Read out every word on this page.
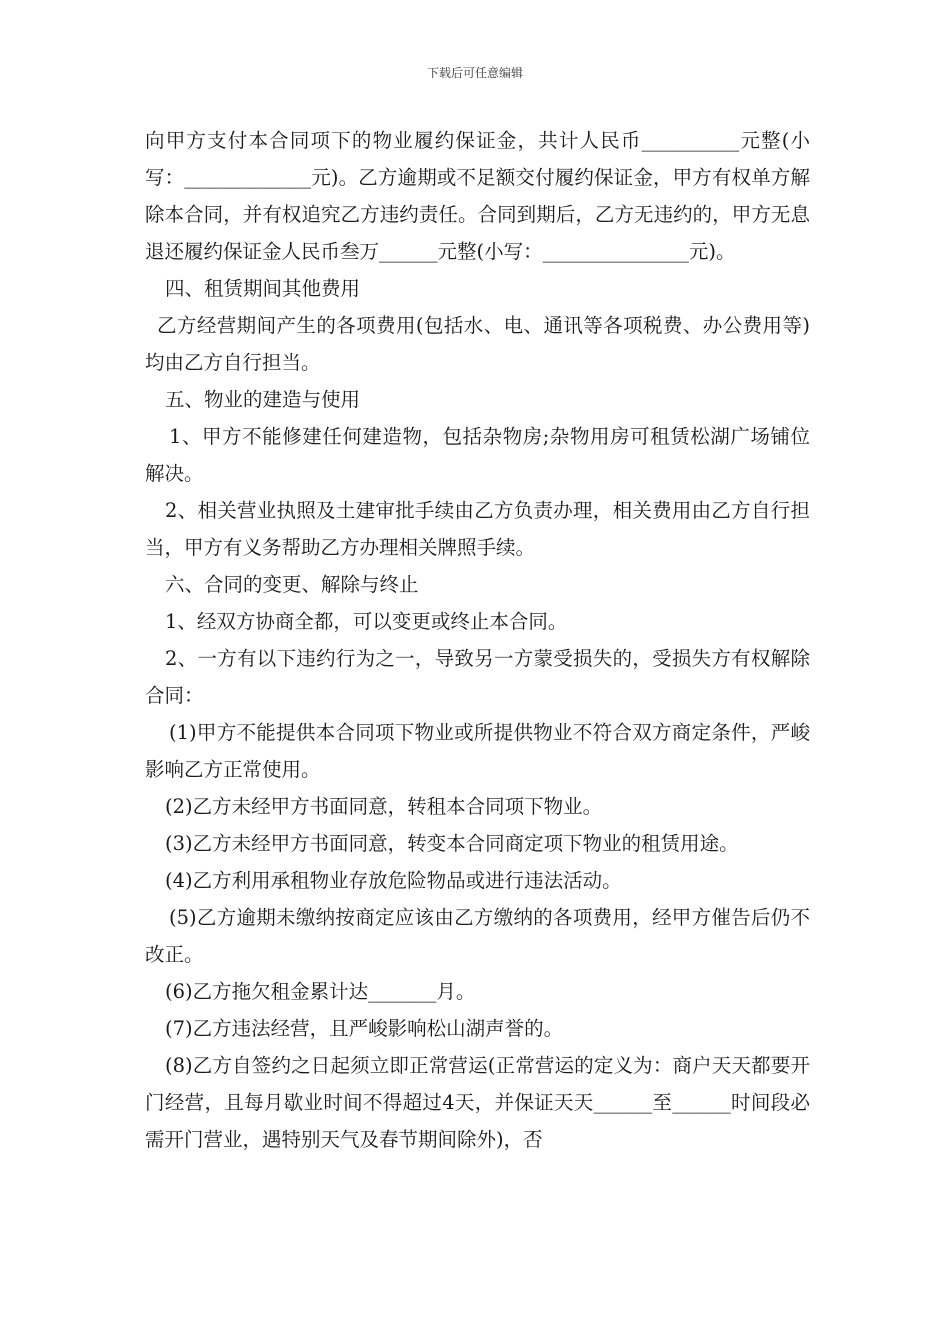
下载后可任意编辑

向甲方支付本合同项下的物业履约保证金，共计人民币__________元整(小写：_____________元)。乙方逾期或不足额交付履约保证金，甲方有权单方解除本合同，并有权追究乙方违约责任。合同到期后，乙方无违约的，甲方无息退还履约保证金人民币叁万______元整(小写：_______________元)。

四、租赁期间其他费用

乙方经营期间产生的各项费用(包括水、电、通讯等各项税费、办公费用等)均由乙方自行担当。

五、物业的建造与使用

1、甲方不能修建任何建造物，包括杂物房;杂物用房可租赁松湖广场铺位解决。

2、相关营业执照及土建审批手续由乙方负责办理，相关费用由乙方自行担当，甲方有义务帮助乙方办理相关牌照手续。

六、合同的变更、解除与终止

1、经双方协商全都，可以变更或终止本合同。

2、一方有以下违约行为之一，导致另一方蒙受损失的，受损失方有权解除合同：

(1)甲方不能提供本合同项下物业或所提供物业不符合双方商定条件，严峻影响乙方正常使用。

(2)乙方未经甲方书面同意，转租本合同项下物业。

(3)乙方未经甲方书面同意，转变本合同商定项下物业的租赁用途。

(4)乙方利用承租物业存放危险物品或进行违法活动。

(5)乙方逾期未缴纳按商定应该由乙方缴纳的各项费用，经甲方催告后仍不改正。

(6)乙方拖欠租金累计达_______月。

(7)乙方违法经营，且严峻影响松山湖声誉的。

(8)乙方自签约之日起须立即正常营运(正常营运的定义为：商户天天都要开门经营，且每月歇业时间不得超过4天，并保证天天______至______时间段必需开门营业，遇特别天气及春节期间除外)，否
